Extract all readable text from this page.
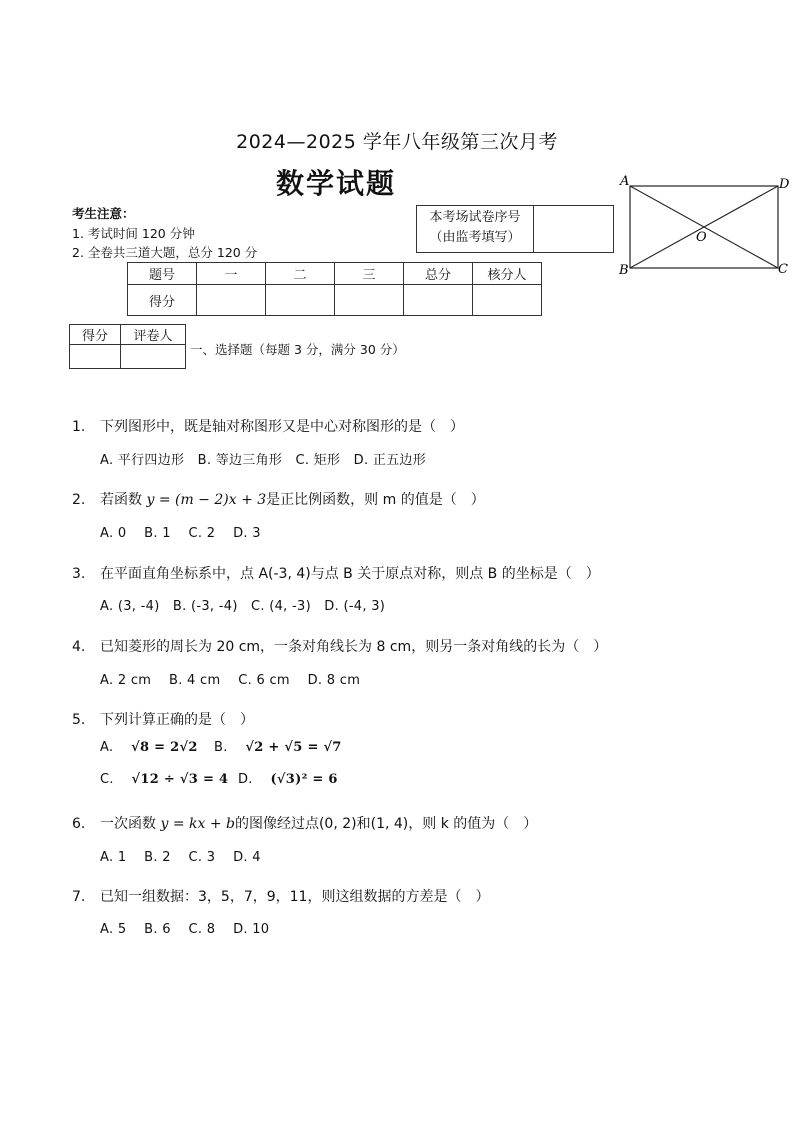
2024—2025 学年八年级第三次月考
数学试题
考生注意：
1. 考试时间 120 分钟
2. 全卷共三道大题，总分 120 分
本考场试卷序号
（由监考填写）
A
B	C
D
O
题号	一	二	三	总分	核分人
得分					
得分	评卷人

一、选择题（每题 3 分，满分 30 分）
1. 下列图形中，既是轴对称图形又是中心对称图形的是（　）
A. 平行四边形　B. 等边三角形　C. 矩形　D. 正五边形
2. 若函数 y = (m − 2)x + 3是正比例函数，则 m 的值是（　）
A. 0　 B. 1　 C. 2　 D. 3
3. 在平面直角坐标系中，点 A(-3, 4)与点 B 关于原点对称，则点 B 的坐标是（　）
A. (3, -4)　B. (-3, -4)　C. (4, -3)　D. (-4, 3)
4. 已知菱形的周长为 20 cm，一条对角线长为 8 cm，则另一条对角线的长为（　）
A. 2 cm　 B. 4 cm　 C. 6 cm　 D. 8 cm
5. 下列计算正确的是（　）
A. √8 = 2√2 B. √2 + √5 = √7
C. √12 ÷ √3 = 4 D. (√3)² = 6
6. 一次函数 y = kx + b的图像经过点(0, 2)和(1, 4)，则 k 的值为（　）
A. 1　 B. 2　 C. 3　 D. 4
7. 已知一组数据：3，5，7，9，11，则这组数据的方差是（　）
A. 5　 B. 6　 C. 8　 D. 10
